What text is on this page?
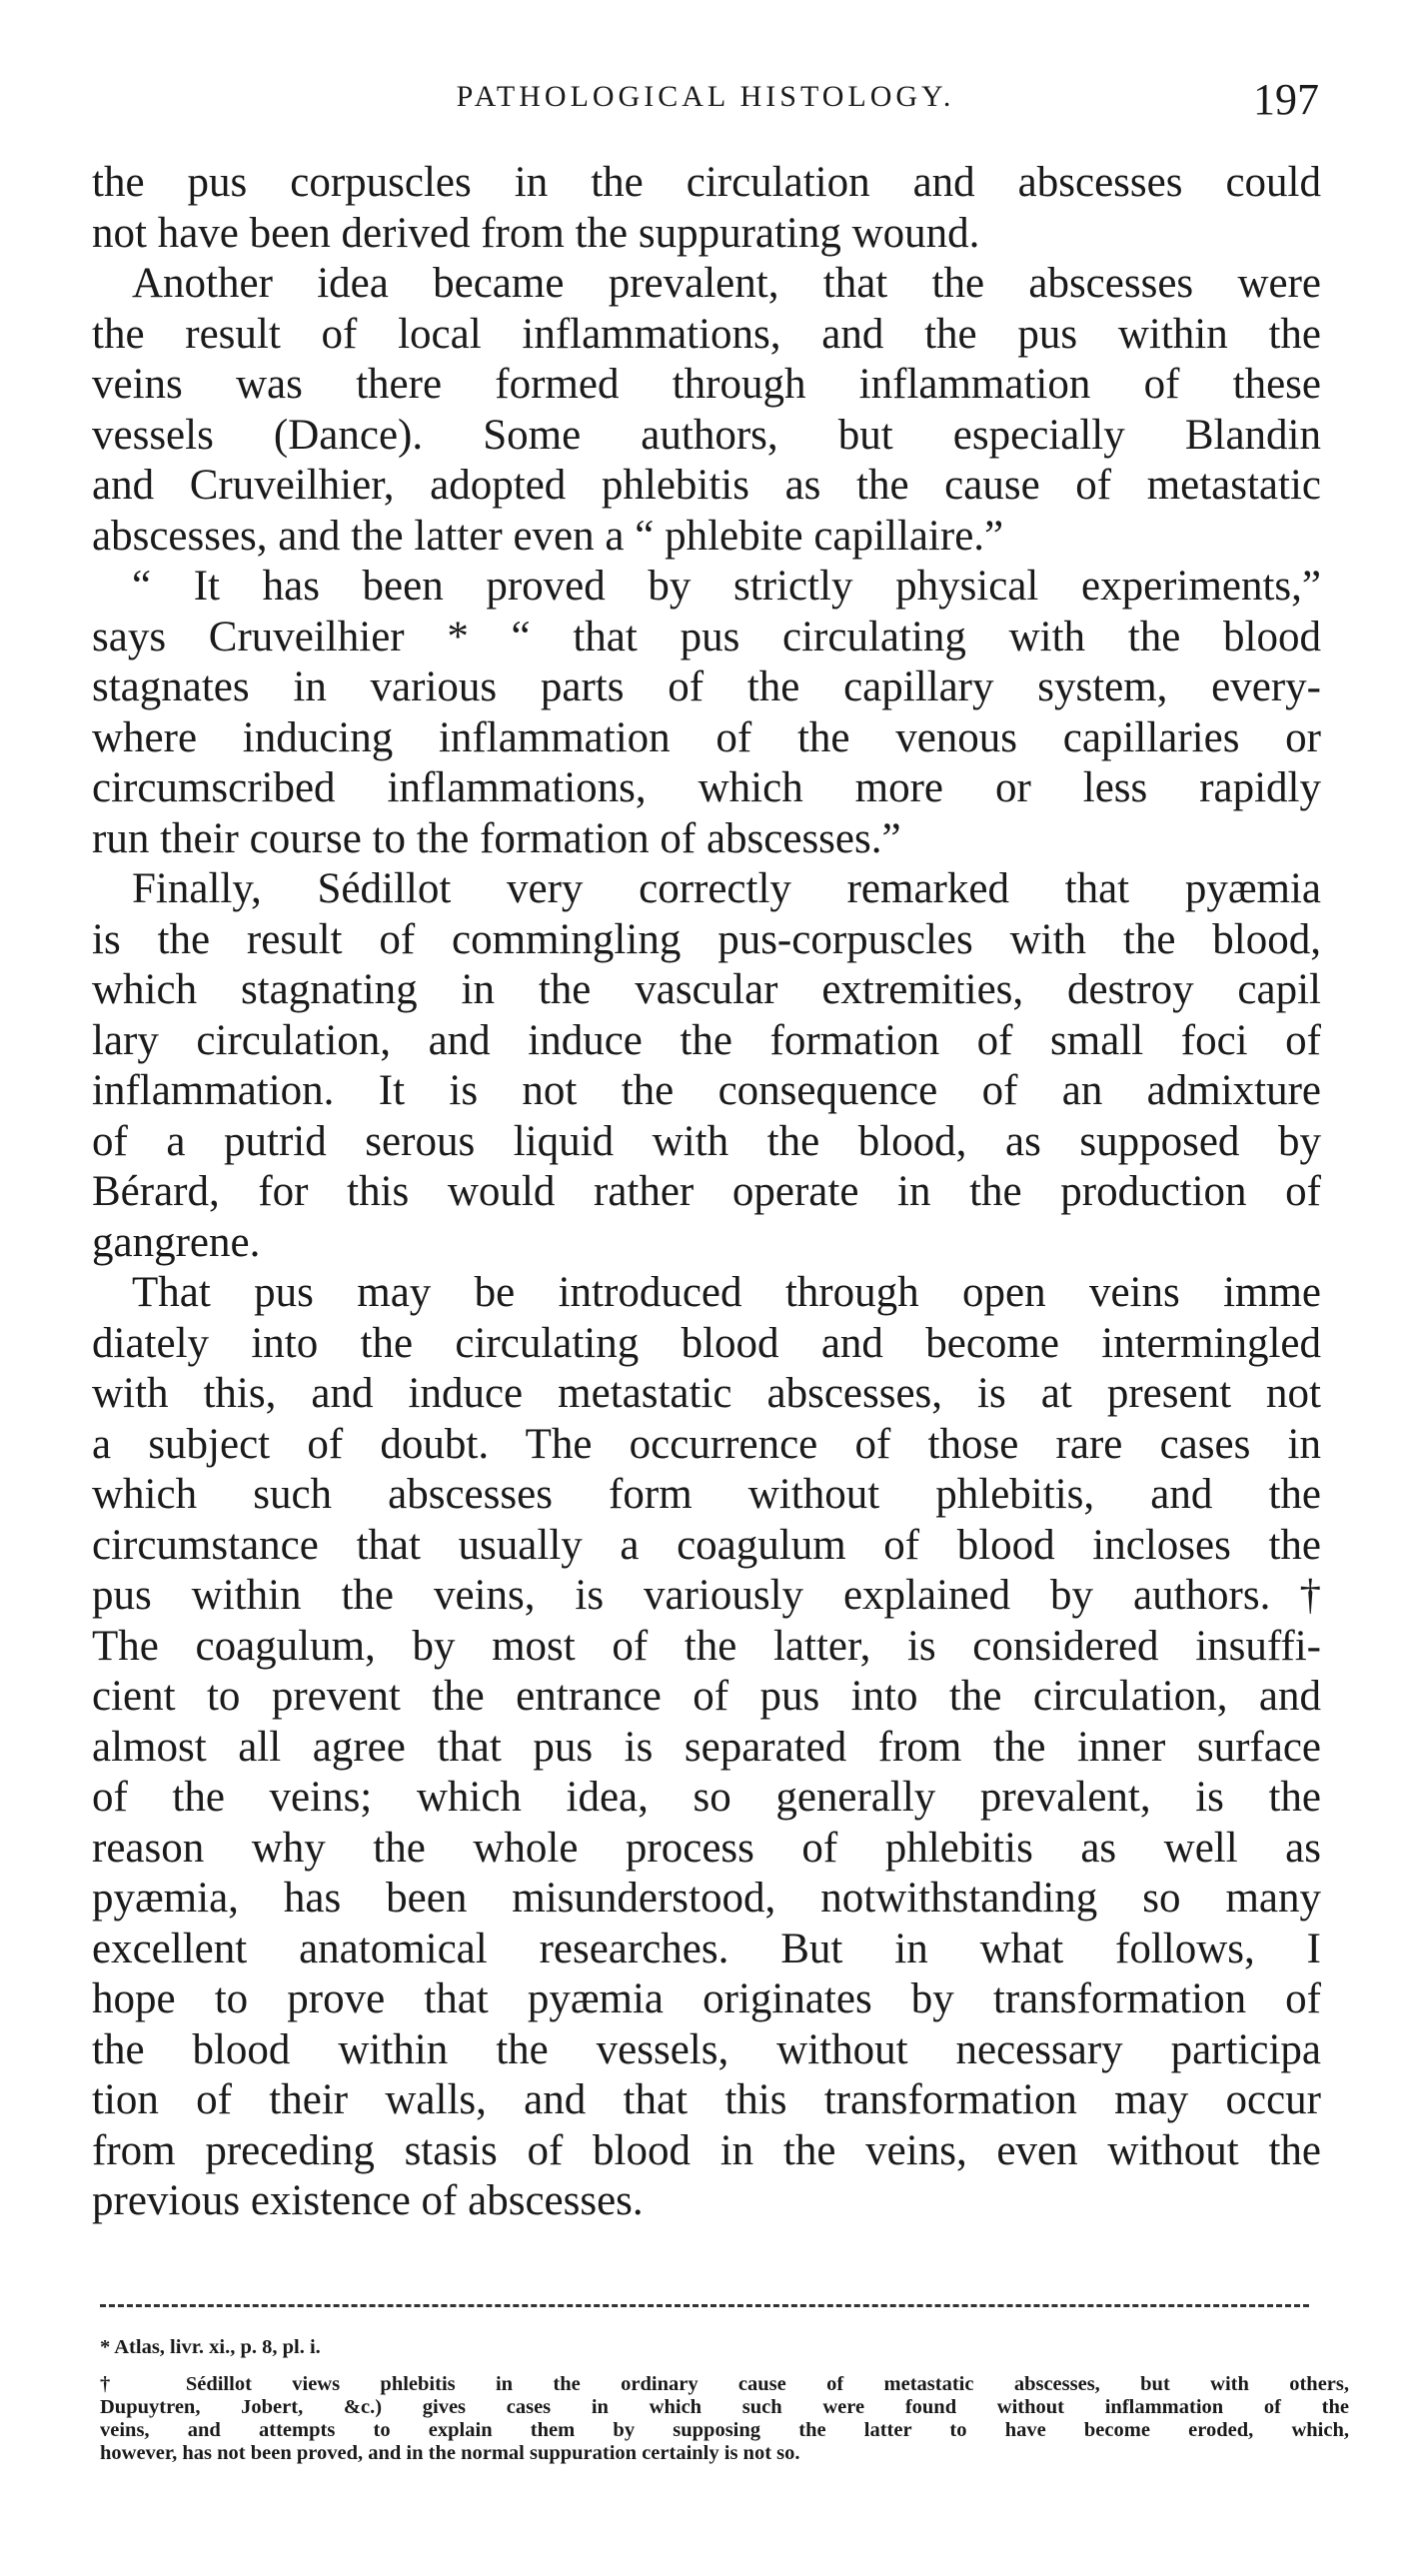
PATHOLOGICAL HISTOLOGY.	197
the pus corpuscles in the circulation and abscesses could
not have been derived from the suppurating wound.
Another idea became prevalent, that the abscesses were
the result of local inflammations, and the pus within the
veins was there formed through inflammation of these
vessels (Dance). Some authors, but especially Blandin
and Cruveilhier, adopted phlebitis as the cause of metastatic
abscesses, and the latter even a “ phlebite capillaire.”
“ It has been proved by strictly physical experiments,”
says Cruveilhier * “ that pus circulating with the blood
stagnates in various parts of the capillary system, every-
where inducing inflammation of the venous capillaries or
circumscribed inflammations, which more or less rapidly
run their course to the formation of abscesses.”
Finally, Sédillot very correctly remarked that pyæmia
is the result of commingling pus-corpuscles with the blood,
which stagnating in the vascular extremities, destroy capil
lary circulation, and induce the formation of small foci of
inflammation. It is not the consequence of an admixture
of a putrid serous liquid with the blood, as supposed by
Bérard, for this would rather operate in the production of
gangrene.
That pus may be introduced through open veins imme
diately into the circulating blood and become intermingled
with this, and induce metastatic abscesses, is at present not
a subject of doubt. The occurrence of those rare cases in
which such abscesses form without phlebitis, and the
circumstance that usually a coagulum of blood incloses the
pus within the veins, is variously explained by authors.†
The coagulum, by most of the latter, is considered insuffi-
cient to prevent the entrance of pus into the circulation, and
almost all agree that pus is separated from the inner surface
of the veins; which idea, so generally prevalent, is the
reason why the whole process of phlebitis as well as
pyæmia, has been misunderstood, notwithstanding so many
excellent anatomical researches. But in what follows, I
hope to prove that pyæmia originates by transformation of
the blood within the vessels, without necessary participa
tion of their walls, and that this transformation may occur
from preceding stasis of blood in the veins, even without the
previous existence of abscesses.
* Atlas, livr. xi., p. 8, pl. i.
† Sédillot views phlebitis in the ordinary cause of metastatic abscesses, but with others,
Dupuytren, Jobert, &c.) gives cases in which such were found without inflammation of the
veins, and attempts to explain them by supposing the latter to have become eroded, which,
however, has not been proved, and in the normal suppuration certainly is not so.
